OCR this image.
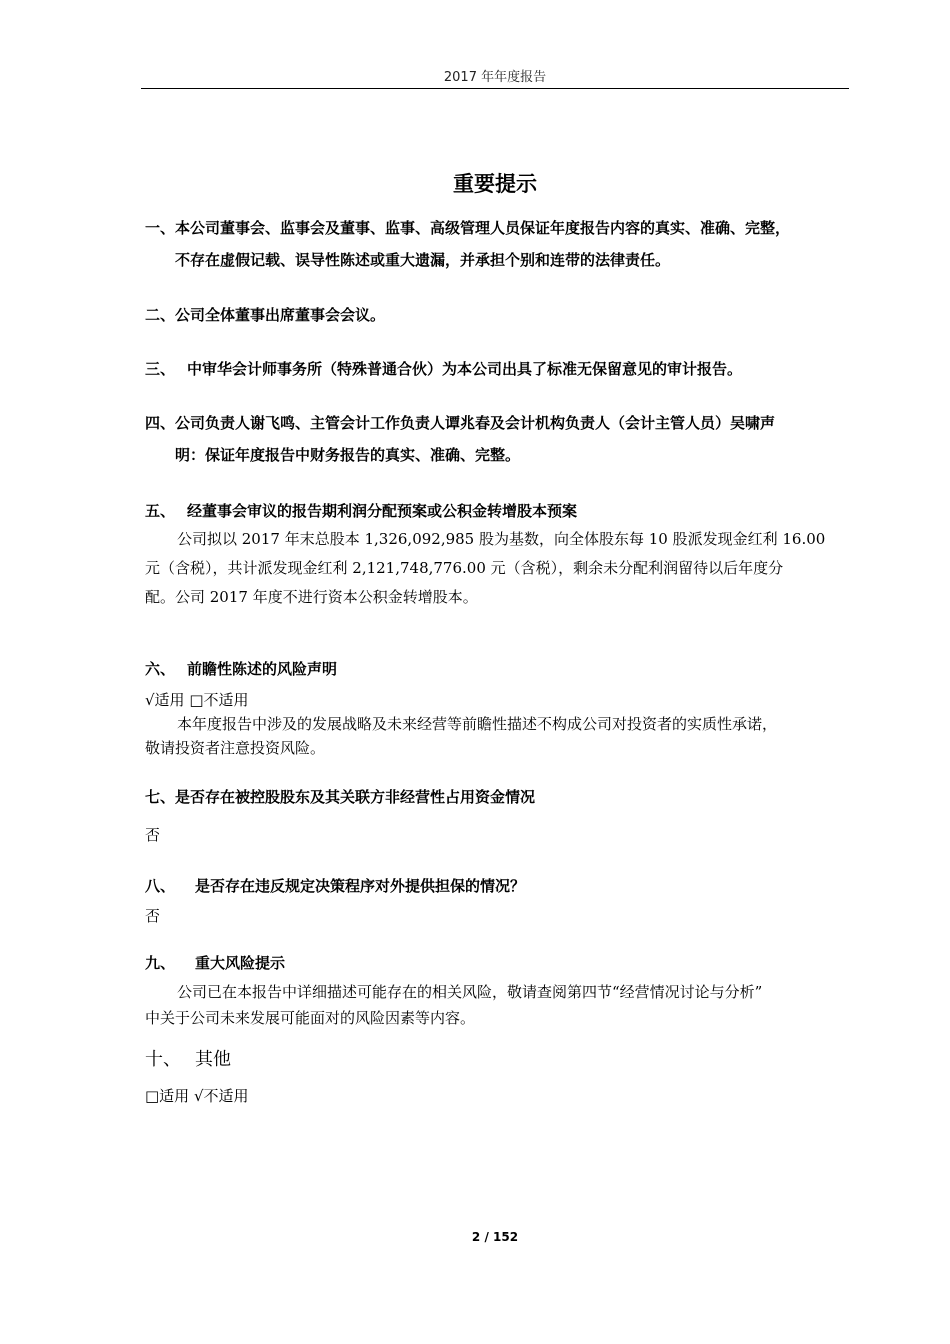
2017 年年度报告
重要提示
一、本公司董事会、监事会及董事、监事、高级管理人员保证年度报告内容的真实、准确、完整，
不存在虚假记载、误导性陈述或重大遗漏，并承担个别和连带的法律责任。
二、公司全体董事出席董事会会议。
三、 中审华会计师事务所（特殊普通合伙）为本公司出具了标准无保留意见的审计报告。
四、公司负责人谢飞鸣、主管会计工作负责人谭兆春及会计机构负责人（会计主管人员）吴啸声
明：保证年度报告中财务报告的真实、准确、完整。
五、 经董事会审议的报告期利润分配预案或公积金转增股本预案
公司拟以 2017 年末总股本 1,326,092,985 股为基数，向全体股东每 10 股派发现金红利 16.00
元（含税），共计派发现金红利 2,121,748,776.00 元（含税），剩余未分配利润留待以后年度分
配。公司 2017 年度不进行资本公积金转增股本。
六、 前瞻性陈述的风险声明
√适用 □不适用
本年度报告中涉及的发展战略及未来经营等前瞻性描述不构成公司对投资者的实质性承诺，
敬请投资者注意投资风险。
七、是否存在被控股股东及其关联方非经营性占用资金情况
否
八、 是否存在违反规定决策程序对外提供担保的情况？
否
九、 重大风险提示
公司已在本报告中详细描述可能存在的相关风险，敬请查阅第四节“经营情况讨论与分析”
中关于公司未来发展可能面对的风险因素等内容。
十、 其他
□适用 √不适用
2 / 152
